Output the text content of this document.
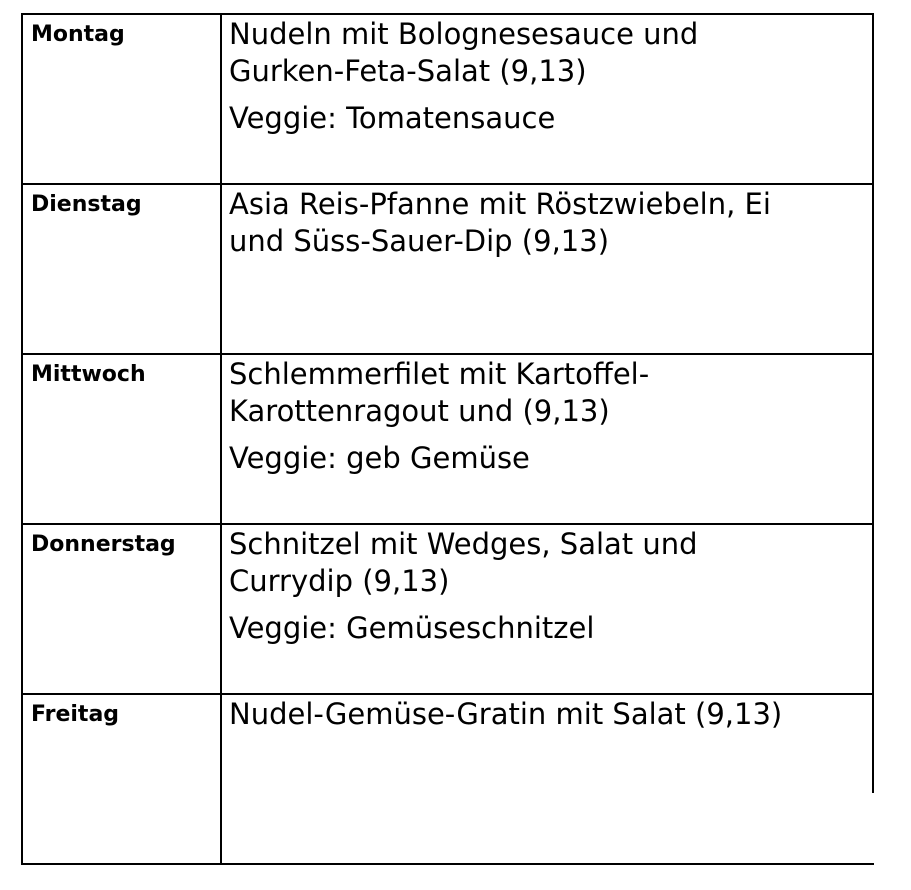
Montag	Nudeln mit Bolognesesauce und
Gurken-Feta-Salat (9,13)
Veggie: Tomatensauce

Dienstag	Asia Reis-Pfanne mit Röstzwiebeln, Ei
und Süss-Sauer-Dip (9,13)

Mittwoch	Schlemmerfilet mit Kartoffel-
Karottenragout und (9,13)
Veggie: geb Gemüse

Donnerstag	Schnitzel mit Wedges, Salat und
Currydip (9,13)
Veggie: Gemüseschnitzel

Freitag	Nudel-Gemüse-Gratin mit Salat (9,13)
